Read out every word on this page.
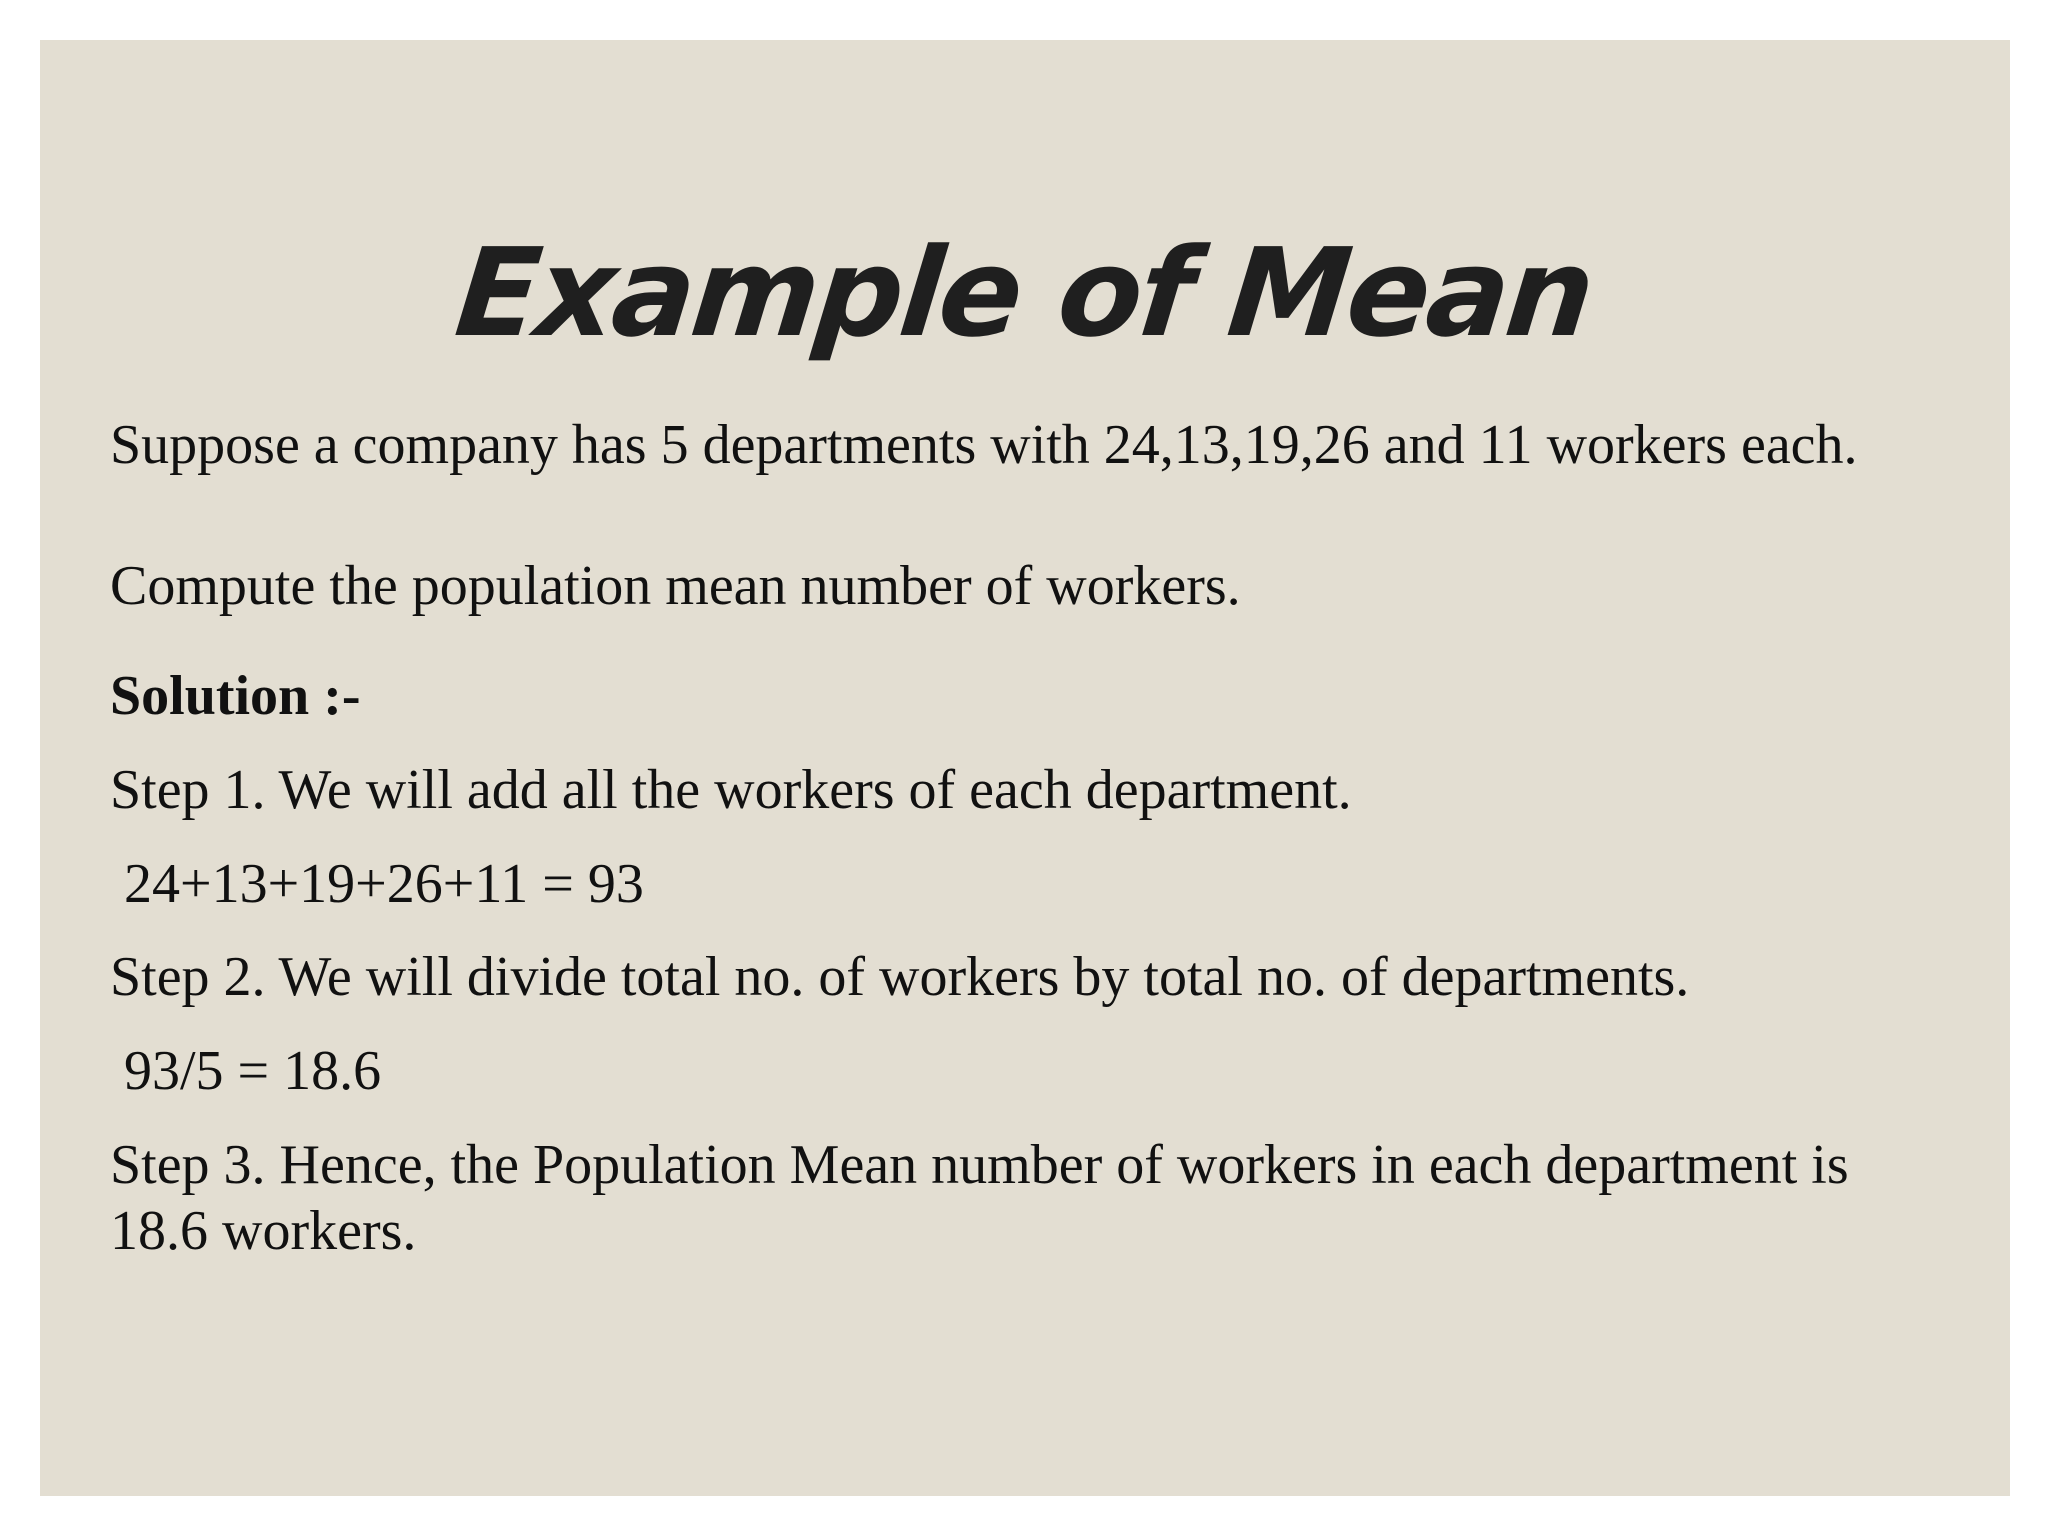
Example of Mean
Suppose a company has 5 departments with 24,13,19,26 and 11 workers each.
Compute the population mean number of workers.
Solution :-
Step 1. We will add all the workers of each department.
24+13+19+26+11 = 93
Step 2. We will divide total no. of workers by total no. of departments.
93/5 = 18.6
Step 3. Hence, the Population Mean number of workers in each department is
18.6 workers.
